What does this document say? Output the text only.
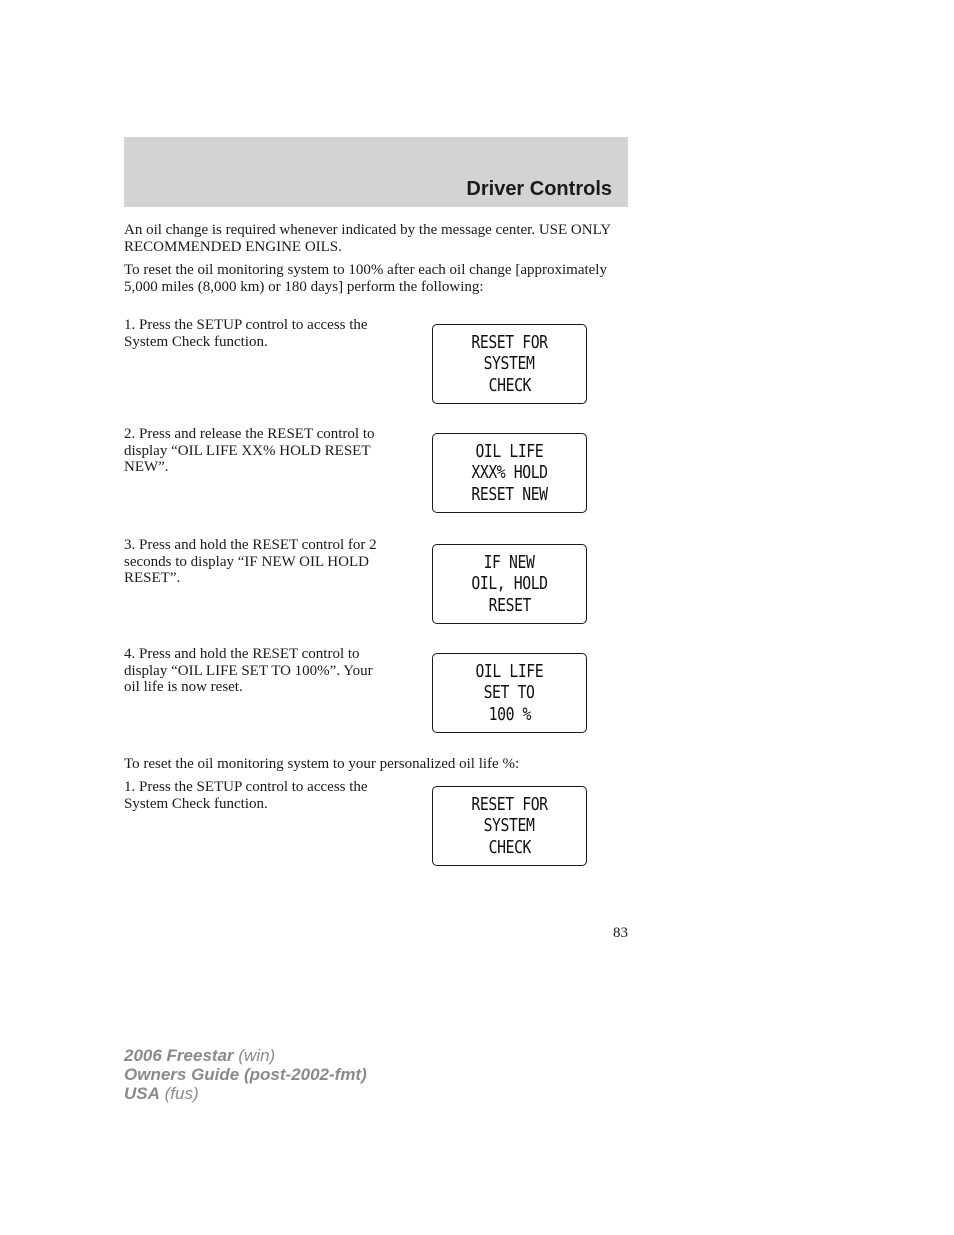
Driver Controls
An oil change is required whenever indicated by the message center. USE ONLY RECOMMENDED ENGINE OILS.
To reset the oil monitoring system to 100% after each oil change [approximately 5,000 miles (8,000 km) or 180 days] perform the following:
1. Press the SETUP control to access the System Check function.	RESET FOR
SYSTEM
CHECK
2. Press and release the RESET control to display “OIL LIFE XX% HOLD RESET NEW”.
OIL LIFE
XXX% HOLD
RESET NEW
3. Press and hold the RESET control for 2 seconds to display “IF NEW OIL HOLD RESET”.
IF NEW
OIL, HOLD
RESET
4. Press and hold the RESET control to display “OIL LIFE SET TO 100%”. Your oil life is now reset.
OIL LIFE
SET TO
100 %
To reset the oil monitoring system to your personalized oil life %:
1. Press the SETUP control to access the System Check function.	RESET FOR
SYSTEM
CHECK
83
2006 Freestar (win)
Owners Guide (post-2002-fmt)
USA (fus)
